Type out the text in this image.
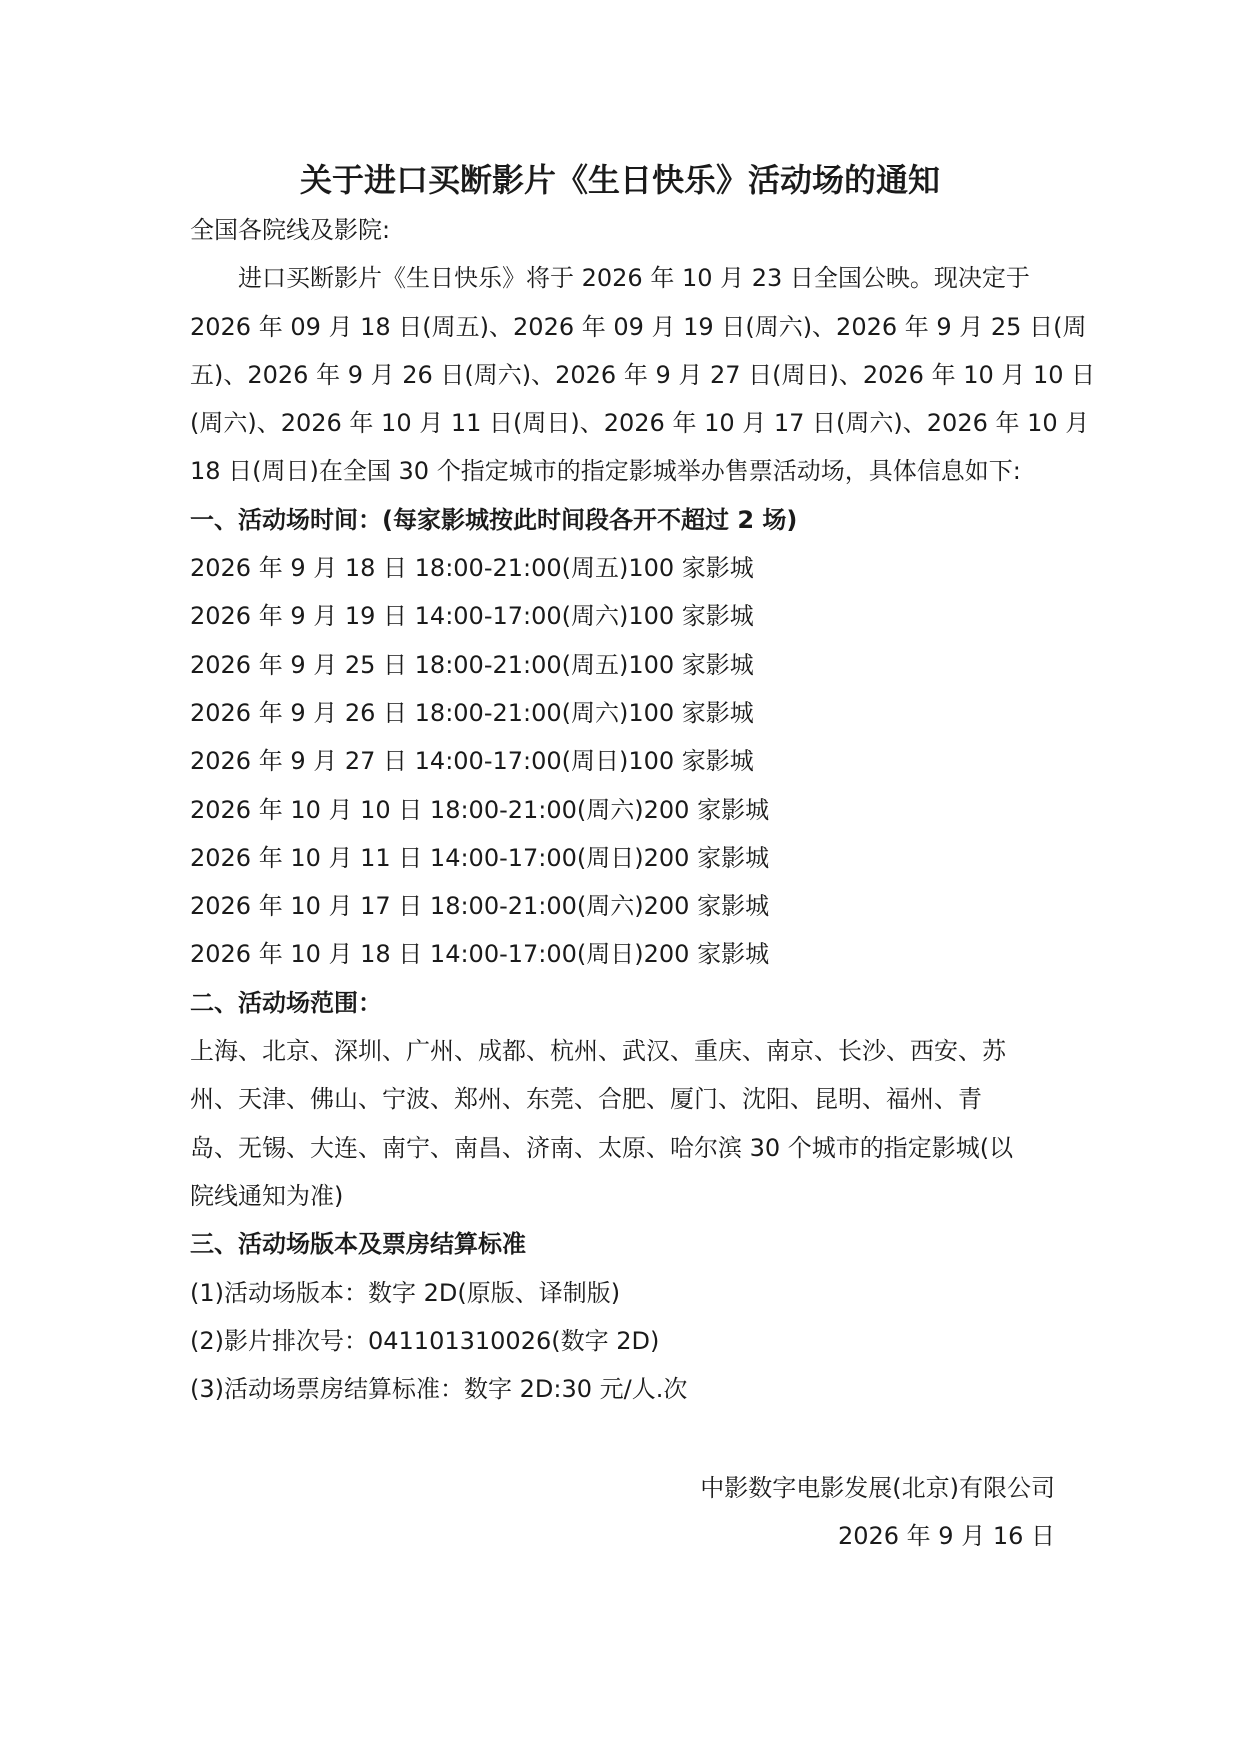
关于进口买断影片《生日快乐》活动场的通知

全国各院线及影院:

进口买断影片《生日快乐》将于 2026 年 10 月 23 日全国公映。现决定于

2026 年 09 月 18 日(周五)、2026 年 09 月 19 日(周六)、2026 年 9 月 25 日(周

五)、2026 年 9 月 26 日(周六)、2026 年 9 月 27 日(周日)、2026 年 10 月 10 日

(周六)、2026 年 10 月 11 日(周日)、2026 年 10 月 17 日(周六)、2026 年 10 月

18 日(周日)在全国 30 个指定城市的指定影城举办售票活动场，具体信息如下:

一、活动场时间：(每家影城按此时间段各开不超过 2 场)

2026 年 9 月 18 日 18:00-21:00(周五)100 家影城

2026 年 9 月 19 日 14:00-17:00(周六)100 家影城

2026 年 9 月 25 日 18:00-21:00(周五)100 家影城

2026 年 9 月 26 日 18:00-21:00(周六)100 家影城

2026 年 9 月 27 日 14:00-17:00(周日)100 家影城

2026 年 10 月 10 日 18:00-21:00(周六)200 家影城

2026 年 10 月 11 日 14:00-17:00(周日)200 家影城

2026 年 10 月 17 日 18:00-21:00(周六)200 家影城

2026 年 10 月 18 日 14:00-17:00(周日)200 家影城

二、活动场范围：

上海、北京、深圳、广州、成都、杭州、武汉、重庆、南京、长沙、西安、苏

州、天津、佛山、宁波、郑州、东莞、合肥、厦门、沈阳、昆明、福州、青

岛、无锡、大连、南宁、南昌、济南、太原、哈尔滨 30 个城市的指定影城(以

院线通知为准)

三、活动场版本及票房结算标准

(1)活动场版本：数字 2D(原版、译制版)

(2)影片排次号：041101310026(数字 2D)

(3)活动场票房结算标准：数字 2D:30 元/人.次

中影数字电影发展(北京)有限公司

2026 年 9 月 16 日
